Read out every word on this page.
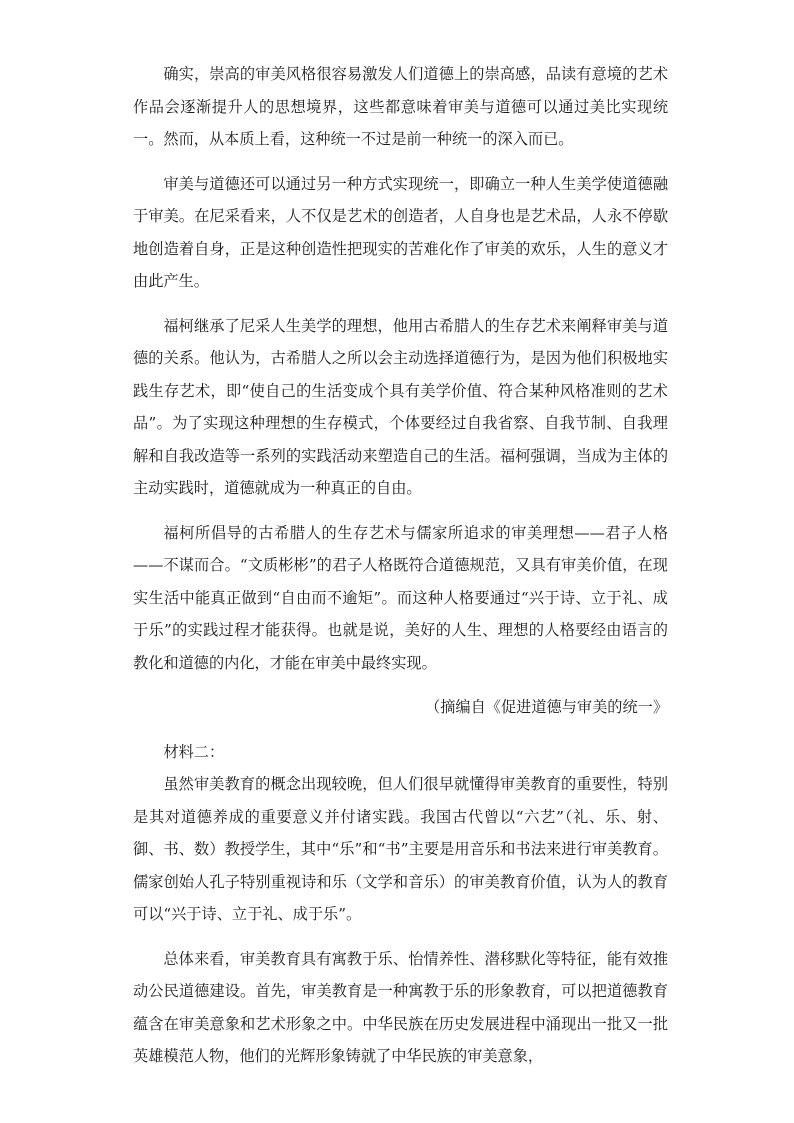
确实，崇高的审美风格很容易激发人们道德上的崇高感，品读有意境的艺术作品会逐渐提升人的思想境界，这些都意味着审美与道德可以通过美比实现统一。然而，从本质上看，这种统一不过是前一种统一的深入而已。

审美与道德还可以通过另一种方式实现统一，即确立一种人生美学使道德融于审美。在尼采看来，人不仅是艺术的创造者，人自身也是艺术品，人永不停歇地创造着自身，正是这种创造性把现实的苦难化作了审美的欢乐，人生的意义才由此产生。

福柯继承了尼采人生美学的理想，他用古希腊人的生存艺术来阐释审美与道德的关系。他认为，古希腊人之所以会主动选择道德行为，是因为他们积极地实践生存艺术，即“使自己的生活变成个具有美学价值、符合某种风格准则的艺术品”。为了实现这种理想的生存模式，个体要经过自我省察、自我节制、自我理解和自我改造等一系列的实践活动来塑造自己的生活。福柯强调，当成为主体的主动实践时，道德就成为一种真正的自由。

福柯所倡导的古希腊人的生存艺术与儒家所追求的审美理想——君子人格——不谋而合。“文质彬彬”的君子人格既符合道德规范，又具有审美价值，在现实生活中能真正做到“自由而不逾矩”。而这种人格要通过“兴于诗、立于礼、成于乐”的实践过程才能获得。也就是说，美好的人生、理想的人格要经由语言的教化和道德的内化，才能在审美中最终实现。

（摘编自《促进道德与审美的统一》

材料二：

虽然审美教育的概念出现较晚，但人们很早就懂得审美教育的重要性，特别是其对道德养成的重要意义并付诸实践。我国古代曾以“六艺”（礼、乐、射、御、书、数）教授学生，其中“乐”和“书”主要是用音乐和书法来进行审美教育。儒家创始人孔子特别重视诗和乐（文学和音乐）的审美教育价值，认为人的教育可以“兴于诗、立于礼、成于乐”。

总体来看，审美教育具有寓教于乐、怡情养性、潜移默化等特征，能有效推动公民道德建设。首先，审美教育是一种寓教于乐的形象教育，可以把道德教育蕴含在审美意象和艺术形象之中。中华民族在历史发展进程中涌现出一批又一批英雄模范人物，他们的光辉形象铸就了中华民族的审美意象，
